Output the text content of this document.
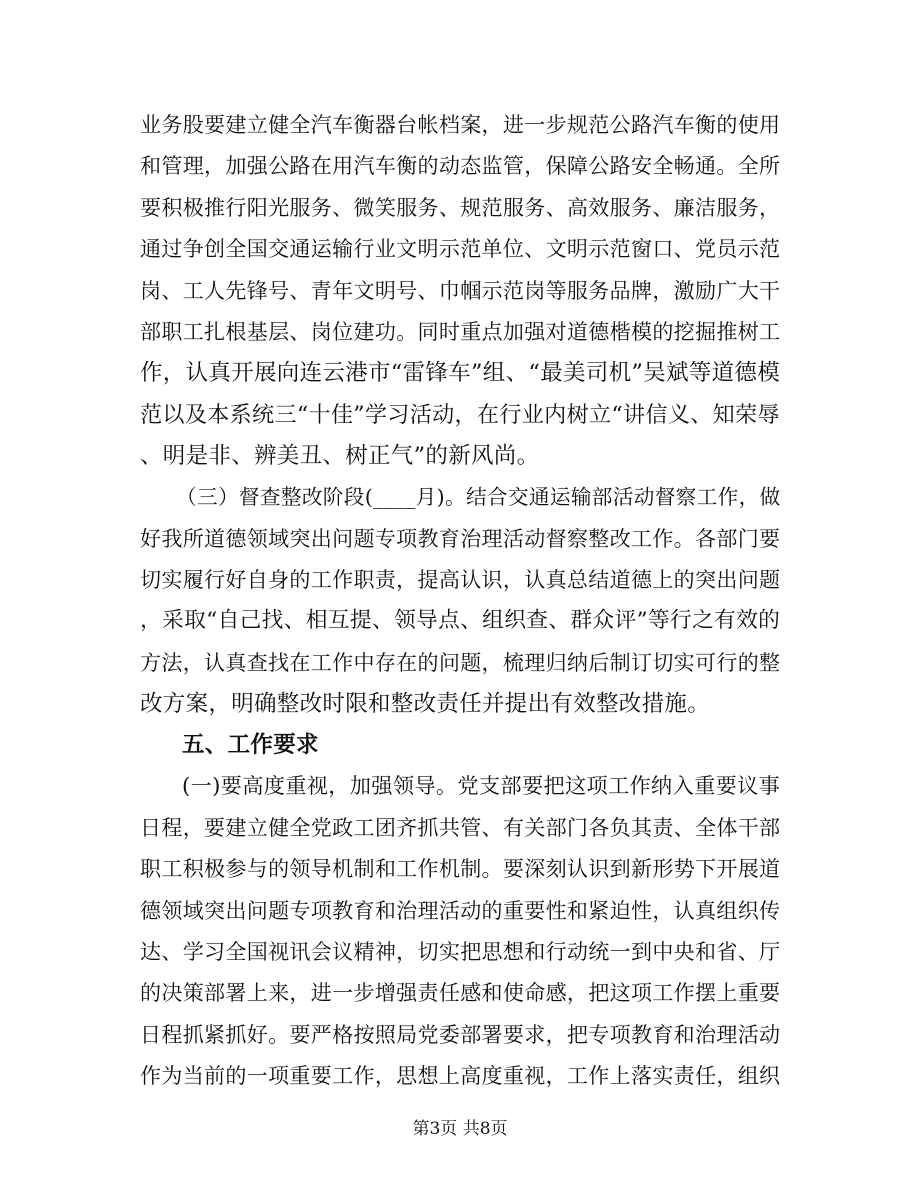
业务股要建立健全汽车衡器台帐档案，进一步规范公路汽车衡的使用
和管理，加强公路在用汽车衡的动态监管，保障公路安全畅通。全所
要积极推行阳光服务、微笑服务、规范服务、高效服务、廉洁服务，
通过争创全国交通运输行业文明示范单位、文明示范窗口、党员示范
岗、工人先锋号、青年文明号、巾帼示范岗等服务品牌，激励广大干
部职工扎根基层、岗位建功。同时重点加强对道德楷模的挖掘推树工
作，认真开展向连云港市“雷锋车”组、“最美司机”吴斌等道德模
范以及本系统三“十佳”学习活动，在行业内树立“讲信义、知荣辱
、明是非、辨美丑、树正气”的新风尚。
（三）督查整改阶段(____月)。结合交通运输部活动督察工作，做
好我所道德领域突出问题专项教育治理活动督察整改工作。各部门要
切实履行好自身的工作职责，提高认识，认真总结道德上的突出问题
，采取“自己找、相互提、领导点、组织查、群众评”等行之有效的
方法，认真查找在工作中存在的问题，梳理归纳后制订切实可行的整
改方案，明确整改时限和整改责任并提出有效整改措施。
五、工作要求
(一)要高度重视，加强领导。党支部要把这项工作纳入重要议事
日程，要建立健全党政工团齐抓共管、有关部门各负其责、全体干部
职工积极参与的领导机制和工作机制。要深刻认识到新形势下开展道
德领域突出问题专项教育和治理活动的重要性和紧迫性，认真组织传
达、学习全国视讯会议精神，切实把思想和行动统一到中央和省、厅
的决策部署上来，进一步增强责任感和使命感，把这项工作摆上重要
日程抓紧抓好。要严格按照局党委部署要求，把专项教育和治理活动
作为当前的一项重要工作，思想上高度重视，工作上落实责任，组织
第3页 共8页
